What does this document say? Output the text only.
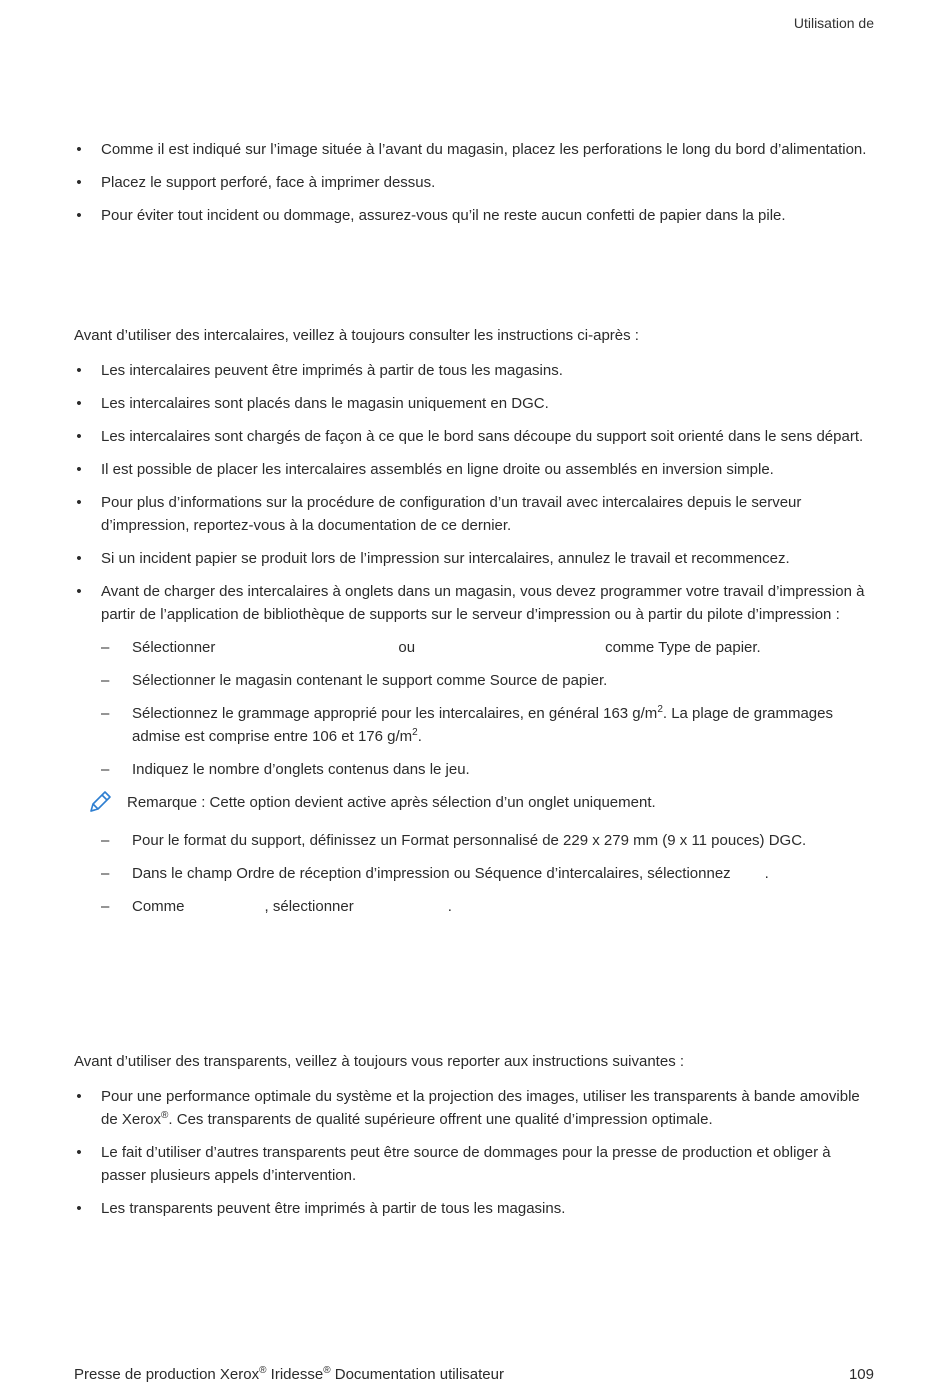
Utilisation de
• Comme il est indiqué sur l’image située à l’avant du magasin, placez les perforations le long du bord d’alimentation.
• Placez le support perforé, face à imprimer dessus.
• Pour éviter tout incident ou dommage, assurez-vous qu’il ne reste aucun confetti de papier dans la pile.

Avant d’utiliser des intercalaires, veillez à toujours consulter les instructions ci-après :

• Les intercalaires peuvent être imprimés à partir de tous les magasins.
• Les intercalaires sont placés dans le magasin uniquement en DGC.
• Les intercalaires sont chargés de façon à ce que le bord sans découpe du support soit orienté dans le sens départ.
• Il est possible de placer les intercalaires assemblés en ligne droite ou assemblés en inversion simple.
• Pour plus d’informations sur la procédure de configuration d’un travail avec intercalaires depuis le serveur d’impression, reportez-vous à la documentation de ce dernier.
• Si un incident papier se produit lors de l’impression sur intercalaires, annulez le travail et recommencez.
• Avant de charger des intercalaires à onglets dans un magasin, vous devez programmer votre travail d’impression à partir de l’application de bibliothèque de supports sur le serveur d’impression ou à partir du pilote d’impression :
– Sélectionner	ou	comme Type de papier.
– Sélectionner le magasin contenant le support comme Source de papier.
– Sélectionnez le grammage approprié pour les intercalaires, en général 163 $g/m^2$. La plage de grammages admise est comprise entre 106 et 176 $g/m^2$.
– Indiquez le nombre d’onglets contenus dans le jeu.
Remarque : Cette option devient active après sélection d’un onglet uniquement.
– Pour le format du support, définissez un Format personnalisé de 229 x 279 mm (9 x 11 pouces) DGC.
– Dans le champ Ordre de réception d’impression ou Séquence d’intercalaires, sélectionnez .
– Comme	, sélectionner	.

Avant d’utiliser des transparents, veillez à toujours vous reporter aux instructions suivantes :

• Pour une performance optimale du système et la projection des images, utiliser les transparents à bande amovible de Xerox®. Ces transparents de qualité supérieure offrent une qualité d’impression optimale.
• Le fait d’utiliser d’autres transparents peut être source de dommages pour la presse de production et obliger à passer plusieurs appels d’intervention.
• Les transparents peuvent être imprimés à partir de tous les magasins.
Presse de production Xerox® Iridesse® Documentation utilisateur	109
